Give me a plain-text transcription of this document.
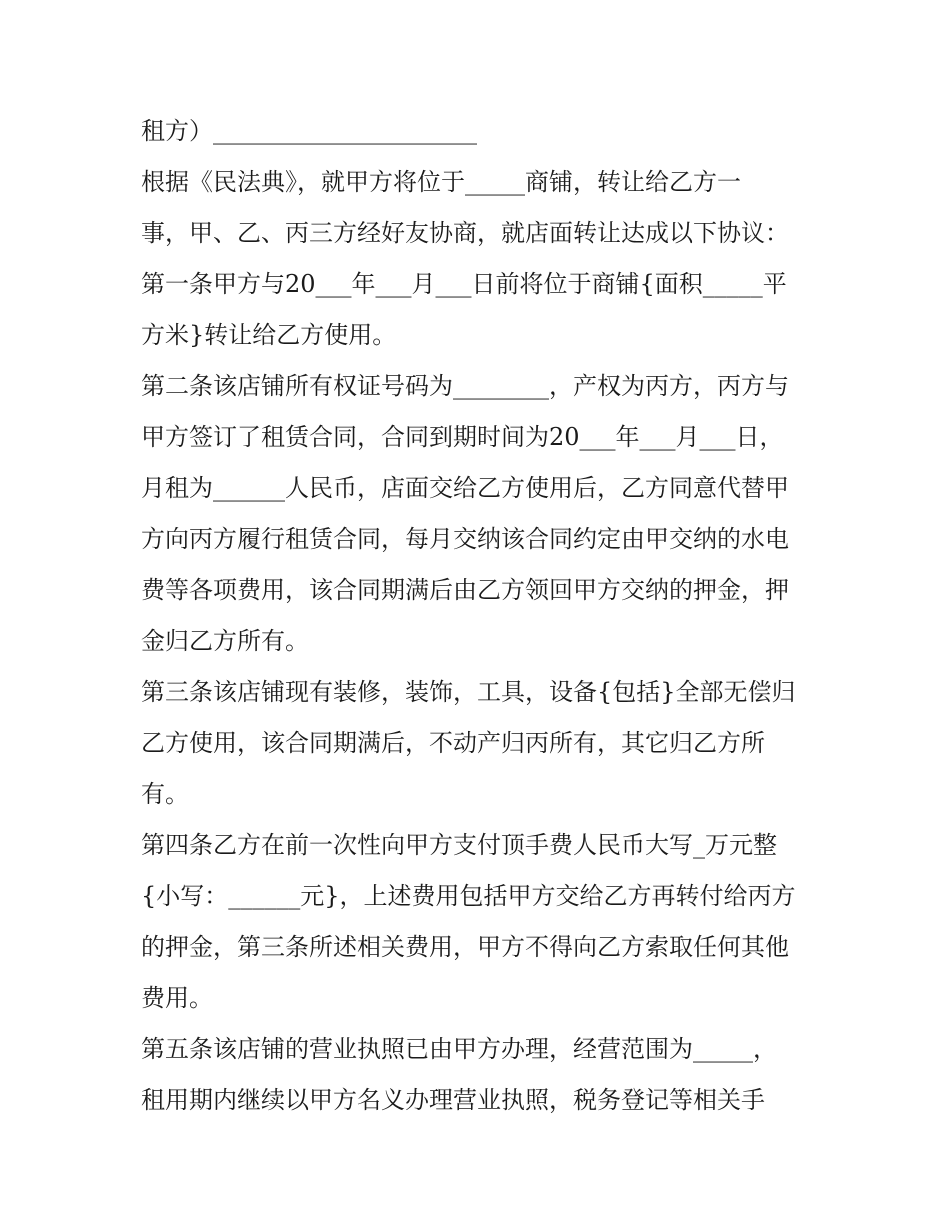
租方）______________________
根据《民法典》，就甲方将位于_____商铺，转让给乙方一
事，甲、乙、丙三方经好友协商，就店面转让达成以下协议：
第一条甲方与20___年___月___日前将位于商铺{面积_____平
方米}转让给乙方使用。
第二条该店铺所有权证号码为________，产权为丙方，丙方与
甲方签订了租赁合同，合同到期时间为20___年___月___日，
月租为______人民币，店面交给乙方使用后，乙方同意代替甲
方向丙方履行租赁合同，每月交纳该合同约定由甲交纳的水电
费等各项费用，该合同期满后由乙方领回甲方交纳的押金，押
金归乙方所有。
第三条该店铺现有装修，装饰，工具，设备{包括}全部无偿归
乙方使用，该合同期满后，不动产归丙所有，其它归乙方所
有。
第四条乙方在前一次性向甲方支付顶手费人民币大写_万元整
{小写：______元}，上述费用包括甲方交给乙方再转付给丙方
的押金，第三条所述相关费用，甲方不得向乙方索取任何其他
费用。
第五条该店铺的营业执照已由甲方办理，经营范围为_____，
租用期内继续以甲方名义办理营业执照，税务登记等相关手
